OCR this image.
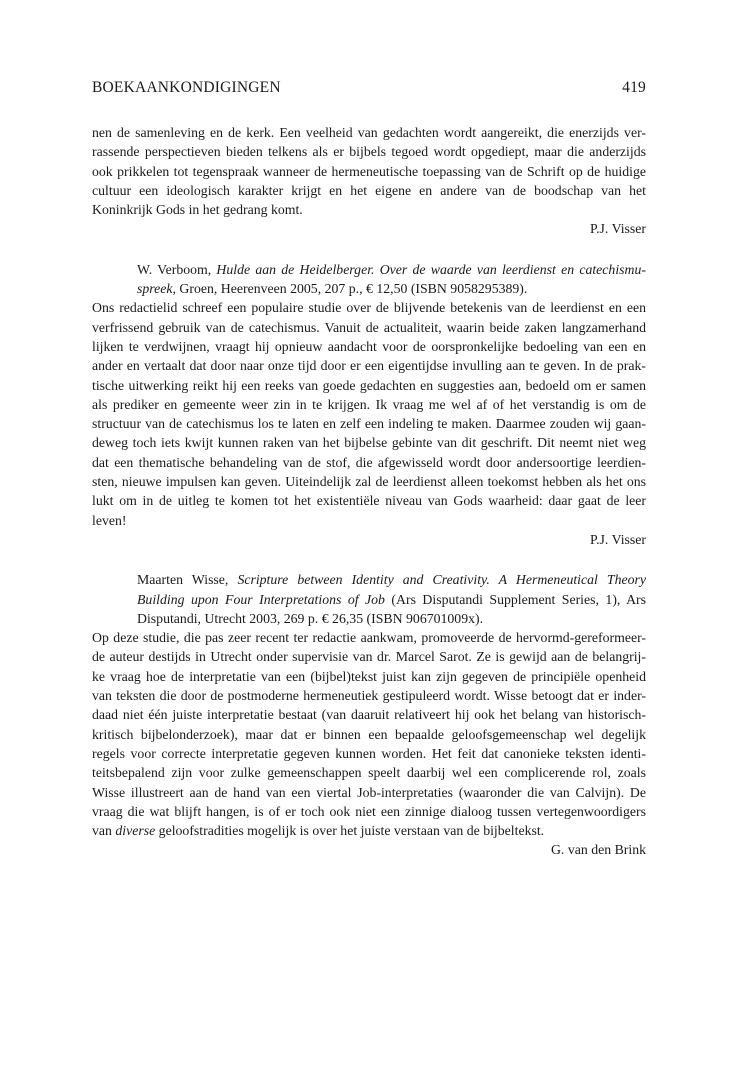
BOEKAANKONDIGINGEN	419
nen de samenleving en de kerk. Een veelheid van gedachten wordt aangereikt, die enerzijds ver-
rassende perspectieven bieden telkens als er bijbels tegoed wordt opgediept, maar die anderzijds
ook prikkelen tot tegenspraak wanneer de hermeneutische toepassing van de Schrift op de huidige
cultuur een ideologisch karakter krijgt en het eigene en andere van de boodschap van het
Koninkrijk Gods in het gedrang komt.
P.J. Visser
W. Verboom, Hulde aan de Heidelberger. Over de waarde van leerdienst en catechismu-
spreek, Groen, Heerenveen 2005, 207 p., € 12,50 (ISBN 9058295389).
Ons redactielid schreef een populaire studie over de blijvende betekenis van de leerdienst en een
verfrissend gebruik van de catechismus. Vanuit de actualiteit, waarin beide zaken langzamerhand
lijken te verdwijnen, vraagt hij opnieuw aandacht voor de oorspronkelijke bedoeling van een en
ander en vertaalt dat door naar onze tijd door er een eigentijdse invulling aan te geven. In de prak-
tische uitwerking reikt hij een reeks van goede gedachten en suggesties aan, bedoeld om er samen
als prediker en gemeente weer zin in te krijgen. Ik vraag me wel af of het verstandig is om de
structuur van de catechismus los te laten en zelf een indeling te maken. Daarmee zouden wij gaan-
deweg toch iets kwijt kunnen raken van het bijbelse gebinte van dit geschrift. Dit neemt niet weg
dat een thematische behandeling van de stof, die afgewisseld wordt door andersoortige leerdien-
sten, nieuwe impulsen kan geven. Uiteindelijk zal de leerdienst alleen toekomst hebben als het ons
lukt om in de uitleg te komen tot het existentiële niveau van Gods waarheid: daar gaat de leer
leven!
P.J. Visser
Maarten Wisse, Scripture between Identity and Creativity. A Hermeneutical Theory
Building upon Four Interpretations of Job (Ars Disputandi Supplement Series, 1), Ars
Disputandi, Utrecht 2003, 269 p. € 26,35 (ISBN 906701009x).
Op deze studie, die pas zeer recent ter redactie aankwam, promoveerde de hervormd-gereformeer-
de auteur destijds in Utrecht onder supervisie van dr. Marcel Sarot. Ze is gewijd aan de belangrij-
ke vraag hoe de interpretatie van een (bijbel)tekst juist kan zijn gegeven de principiële openheid
van teksten die door de postmoderne hermeneutiek gestipuleerd wordt. Wisse betoogt dat er inder-
daad niet één juiste interpretatie bestaat (van daaruit relativeert hij ook het belang van historisch-
kritisch bijbelonderzoek), maar dat er binnen een bepaalde geloofsgemeenschap wel degelijk
regels voor correcte interpretatie gegeven kunnen worden. Het feit dat canonieke teksten identi-
teitsbepalend zijn voor zulke gemeenschappen speelt daarbij wel een complicerende rol, zoals
Wisse illustreert aan de hand van een viertal Job-interpretaties (waaronder die van Calvijn). De
vraag die wat blijft hangen, is of er toch ook niet een zinnige dialoog tussen vertegenwoordigers
van diverse geloofstradities mogelijk is over het juiste verstaan van de bijbeltekst.
G. van den Brink
